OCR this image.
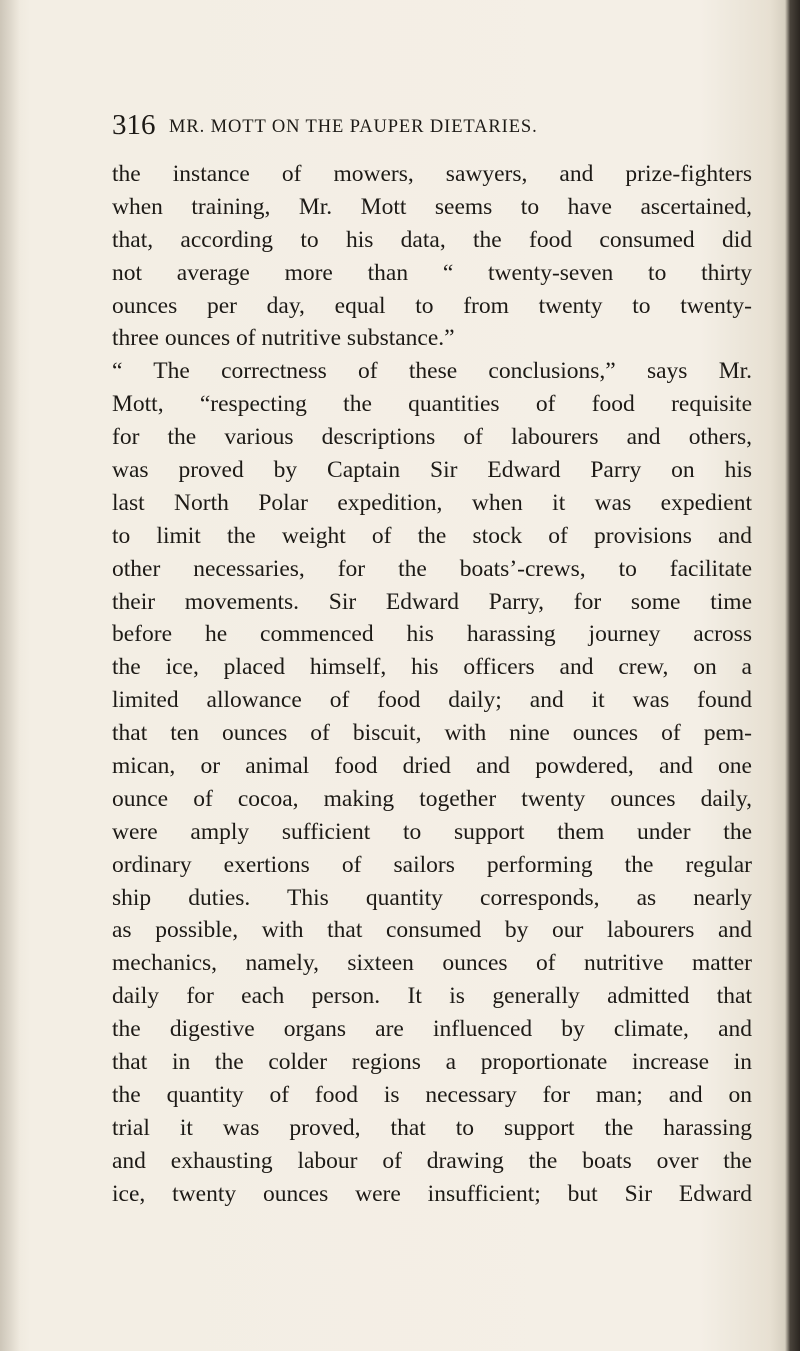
316 MR. MOTT ON THE PAUPER DIETARIES.
the instance of mowers, sawyers, and prize-fighters
when training, Mr. Mott seems to have ascertained,
that, according to his data, the food consumed did
not average more than “ twenty-seven to thirty
ounces per day, equal to from twenty to twenty-
three ounces of nutritive substance.”
“ The correctness of these conclusions,” says Mr.
Mott, “respecting the quantities of food requisite
for the various descriptions of labourers and others,
was proved by Captain Sir Edward Parry on his
last North Polar expedition, when it was expedient
to limit the weight of the stock of provisions and
other necessaries, for the boats’-crews, to facilitate
their movements. Sir Edward Parry, for some time
before he commenced his harassing journey across
the ice, placed himself, his officers and crew, on a
limited allowance of food daily; and it was found
that ten ounces of biscuit, with nine ounces of pem-
mican, or animal food dried and powdered, and one
ounce of cocoa, making together twenty ounces daily,
were amply sufficient to support them under the
ordinary exertions of sailors performing the regular
ship duties. This quantity corresponds, as nearly
as possible, with that consumed by our labourers and
mechanics, namely, sixteen ounces of nutritive matter
daily for each person. It is generally admitted that
the digestive organs are influenced by climate, and
that in the colder regions a proportionate increase in
the quantity of food is necessary for man; and on
trial it was proved, that to support the harassing
and exhausting labour of drawing the boats over the
ice, twenty ounces were insufficient; but Sir Edward
